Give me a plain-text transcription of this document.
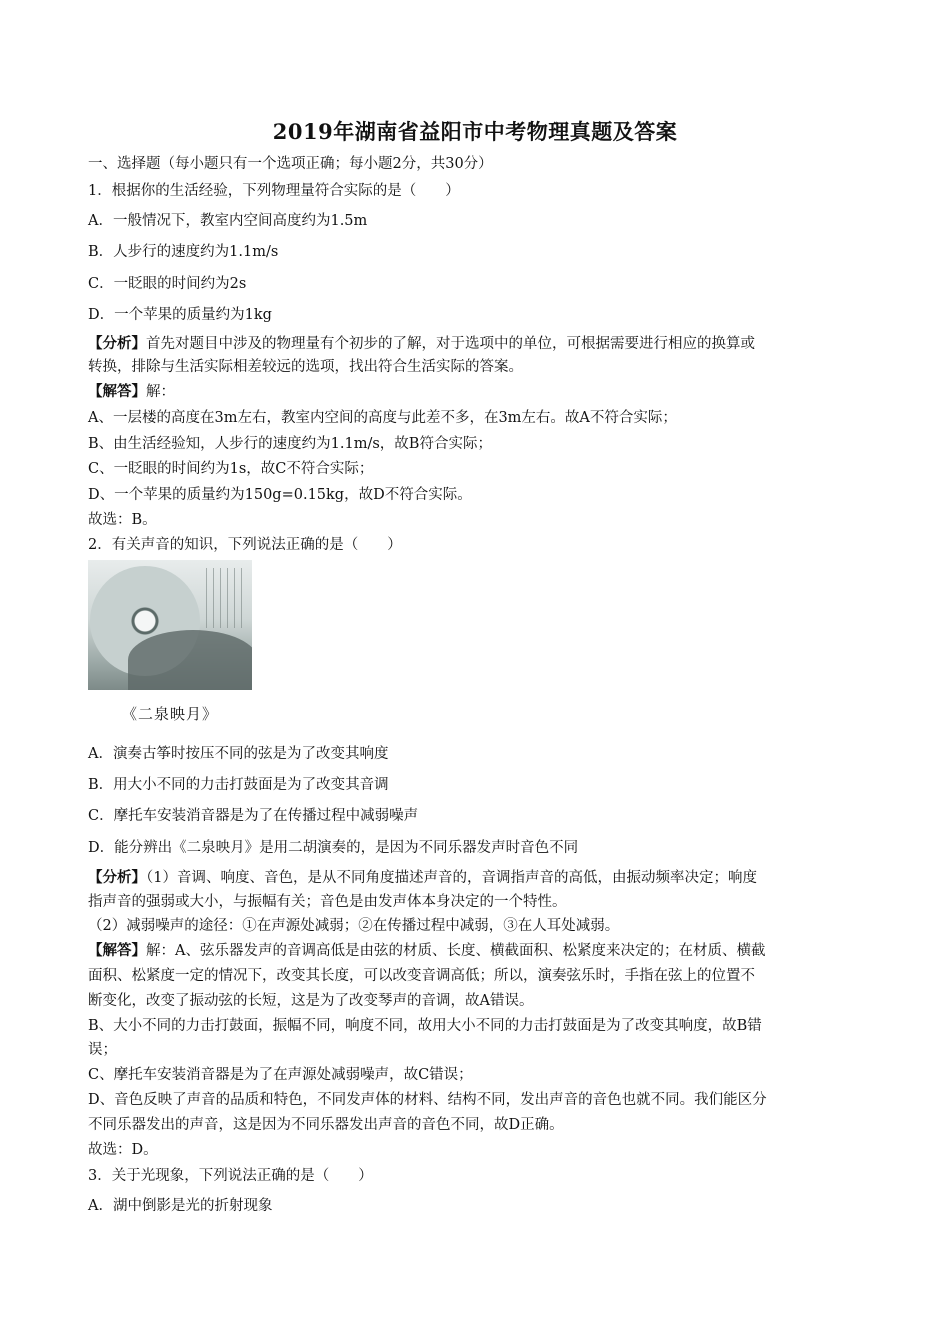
2019年湖南省益阳市中考物理真题及答案
一、选择题（每小题只有一个选项正确；每小题2分，共30分）
1．根据你的生活经验，下列物理量符合实际的是（　　）
A．一般情况下，教室内空间高度约为1.5m
B．人步行的速度约为1.1m/s
C．一眨眼的时间约为2s
D．一个苹果的质量约为1kg
【分析】首先对题目中涉及的物理量有个初步的了解，对于选项中的单位，可根据需要进行相应的换算或
转换，排除与生活实际相差较远的选项，找出符合生活实际的答案。
【解答】解：
A、一层楼的高度在3m左右，教室内空间的高度与此差不多，在3m左右。故A不符合实际；
B、由生活经验知，人步行的速度约为1.1m/s，故B符合实际；
C、一眨眼的时间约为1s，故C不符合实际；
D、一个苹果的质量约为150g=0.15kg，故D不符合实际。
故选：B。
2．有关声音的知识，下列说法正确的是（　　）
《二泉映月》
A．演奏古筝时按压不同的弦是为了改变其响度
B．用大小不同的力击打鼓面是为了改变其音调
C．摩托车安装消音器是为了在传播过程中减弱噪声
D．能分辨出《二泉映月》是用二胡演奏的，是因为不同乐器发声时音色不同
【分析】（1）音调、响度、音色，是从不同角度描述声音的，音调指声音的高低，由振动频率决定；响度
指声音的强弱或大小，与振幅有关；音色是由发声体本身决定的一个特性。
（2）减弱噪声的途径：①在声源处减弱；②在传播过程中减弱，③在人耳处减弱。
【解答】解：A、弦乐器发声的音调高低是由弦的材质、长度、横截面积、松紧度来决定的；在材质、横截
面积、松紧度一定的情况下，改变其长度，可以改变音调高低；所以，演奏弦乐时，手指在弦上的位置不
断变化，改变了振动弦的长短，这是为了改变琴声的音调，故A错误。
B、大小不同的力击打鼓面，振幅不同，响度不同，故用大小不同的力击打鼓面是为了改变其响度，故B错
误；
C、摩托车安装消音器是为了在声源处减弱噪声，故C错误；
D、音色反映了声音的品质和特色，不同发声体的材料、结构不同，发出声音的音色也就不同。我们能区分
不同乐器发出的声音，这是因为不同乐器发出声音的音色不同，故D正确。
故选：D。
3．关于光现象，下列说法正确的是（　　）
A．湖中倒影是光的折射现象
